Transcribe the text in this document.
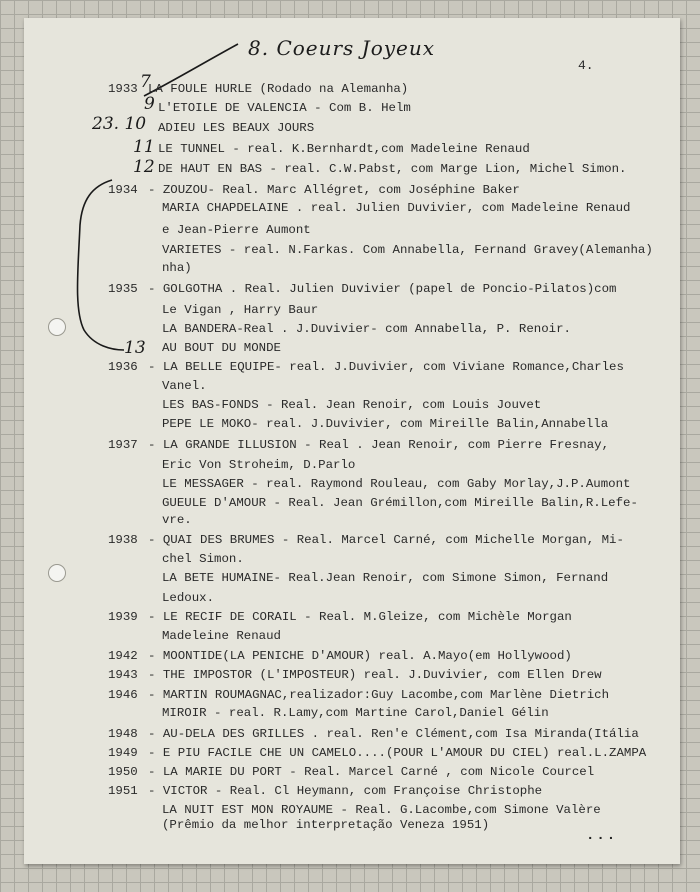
8. Coeurs Joyeux
4.
1933 LA FOULE HURLE (Rodado na Alemanha)
L'ETOILE DE VALENCIA - Com B. Helm
ADIEU LES BEAUX JOURS
LE TUNNEL - real. K.Bernhardt,com Madeleine Renaud
DE HAUT EN BAS - real. C.W.Pabst, com Marge Lion, Michel Simon.
1934 - ZOUZOU- Real. Marc Allégret, com Joséphine Baker
MARIA CHAPDELAINE . real. Julien Duvivier, com Madeleine Renaud
e Jean-Pierre Aumont
VARIETES - real. N.Farkas. Com Annabella, Fernand Gravey(Alemanha)
nha)
1935 - GOLGOTHA . Real. Julien Duvivier (papel de Poncio-Pilatos)com
Le Vigan , Harry Baur
LA BANDERA-Real . J.Duvivier- com Annabella, P. Renoir.
AU BOUT DU MONDE
1936 - LA BELLE EQUIPE- real. J.Duvivier, com Viviane Romance,Charles
Vanel.
LES BAS-FONDS - Real. Jean Renoir, com Louis Jouvet
PEPE LE MOKO- real. J.Duvivier, com Mireille Balin,Annabella
1937 - LA GRANDE ILLUSION - Real . Jean Renoir, com Pierre Fresnay,
Eric Von Stroheim, D.Parlo
LE MESSAGER - real. Raymond Rouleau, com Gaby Morlay,J.P.Aumont
GUEULE D'AMOUR - Real. Jean Grémillon,com Mireille Balin,R.Lefe-
vre.
1938 - QUAI DES BRUMES - Real. Marcel Carné, com Michelle Morgan, Mi-
chel Simon.
LA BETE HUMAINE- Real.Jean Renoir, com Simone Simon, Fernand
Ledoux.
1939 - LE RECIF DE CORAIL - Real. M.Gleize, com Michèle Morgan
Madeleine Renaud
1942 - MOONTIDE(LA PENICHE D'AMOUR) real. A.Mayo(em Hollywood)
1943 - THE IMPOSTOR (L'IMPOSTEUR) real. J.Duvivier, com Ellen Drew
1946 - MARTIN ROUMAGNAC,realizador:Guy Lacombe,com Marlène Dietrich
MIROIR - real. R.Lamy,com Martine Carol,Daniel Gélin
1948 - AU-DELA DES GRILLES . real. Ren'e Clément,com Isa Miranda(Itália
1949 - E PIU FACILE CHE UN CAMELO....(POUR L'AMOUR DU CIEL) real.L.ZAMPA
1950 - LA MARIE DU PORT - Real. Marcel Carné , com Nicole Courcel
1951 - VICTOR - Real. Cl Heymann, com Françoise Christophe
LA NUIT EST MON ROYAUME - Real. G.Lacombe,com Simone Valère
(Prêmio da melhor interpretação Veneza 1951)
...
7
9
23. 10
11
12
13
